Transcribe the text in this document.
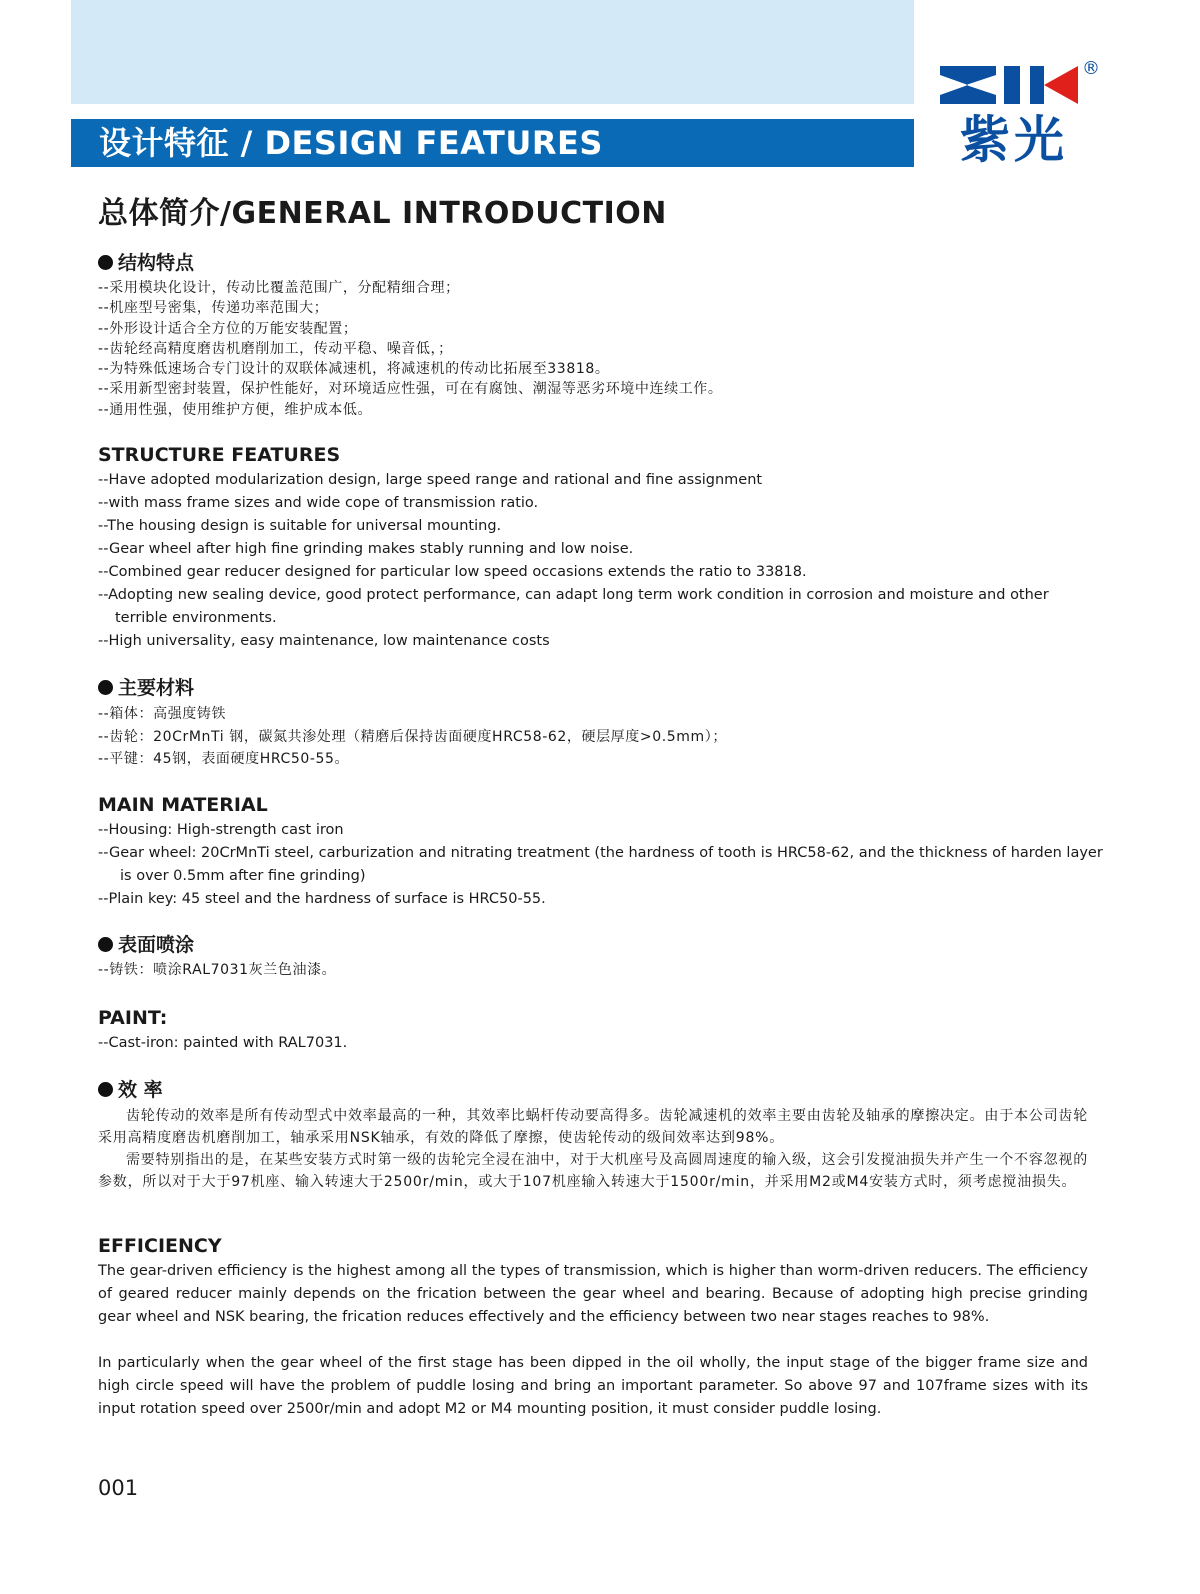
设计特征 / DESIGN FEATURES
®
紫光
总体简介/GENERAL INTRODUCTION
结构特点
--采用模块化设计，传动比覆盖范围广，分配精细合理；
--机座型号密集，传递功率范围大；
--外形设计适合全方位的万能安装配置；
--齿轮经高精度磨齿机磨削加工，传动平稳、噪音低，；
--为特殊低速场合专门设计的双联体减速机，将减速机的传动比拓展至33818。
--采用新型密封装置，保护性能好，对环境适应性强，可在有腐蚀、潮湿等恶劣环境中连续工作。
--通用性强，使用维护方便，维护成本低。
STRUCTURE FEATURES
--Have adopted modularization design, large speed range and rational and fine assignment
--with mass frame sizes and wide cope of transmission ratio.
--The housing design is suitable for universal mounting.
--Gear wheel after high fine grinding makes stably running and low noise.
--Combined gear reducer designed for particular low speed occasions extends the ratio to 33818.
--Adopting new sealing device, good protect performance, can adapt long term work condition in corrosion and moisture and other
terrible environments.
--High universality, easy maintenance, low maintenance costs
主要材料
--箱体：高强度铸铁
--齿轮：20CrMnTi 钢，碳氮共渗处理（精磨后保持齿面硬度HRC58-62，硬层厚度>0.5mm）；
--平键：45钢，表面硬度HRC50-55。
MAIN MATERIAL
--Housing: High-strength cast iron
--Gear wheel: 20CrMnTi steel, carburization and nitrating treatment (the hardness of tooth is HRC58-62, and the thickness of harden layer
is over 0.5mm after fine grinding)
--Plain key: 45 steel and the hardness of surface is HRC50-55.
表面喷涂
--铸铁：喷涂RAL7031灰兰色油漆。
PAINT:
--Cast-iron: painted with RAL7031.
效 率

齿轮传动的效率是所有传动型式中效率最高的一种，其效率比蜗杆传动要高得多。齿轮减速机的效率主要由齿轮及轴承的摩擦决定。由于本公司齿轮采用高精度磨齿机磨削加工，轴承采用NSK轴承，有效的降低了摩擦，使齿轮传动的级间效率达到98%。

需要特别指出的是，在某些安装方式时第一级的齿轮完全浸在油中，对于大机座号及高圆周速度的输入级，这会引发搅油损失并产生一个不容忽视的参数，所以对于大于97机座、输入转速大于2500r/min，或大于107机座输入转速大于1500r/min，并采用M2或M4安装方式时，须考虑搅油损失。

EFFICIENCY

The gear-driven efficiency is the highest among all the types of transmission, which is higher than worm-driven reducers. The efficiency of geared reducer mainly depends on the frication between the gear wheel and bearing. Because of adopting high precise grinding gear wheel and NSK bearing, the frication reduces effectively and the efficiency between two near stages reaches to 98%.

In particularly when the gear wheel of the first stage has been dipped in the oil wholly, the input stage of the bigger frame size and high circle speed will have the problem of puddle losing and bring an important parameter. So above 97 and 107frame sizes with its input rotation speed over 2500r/min and adopt M2 or M4 mounting position, it must consider puddle losing.

001
